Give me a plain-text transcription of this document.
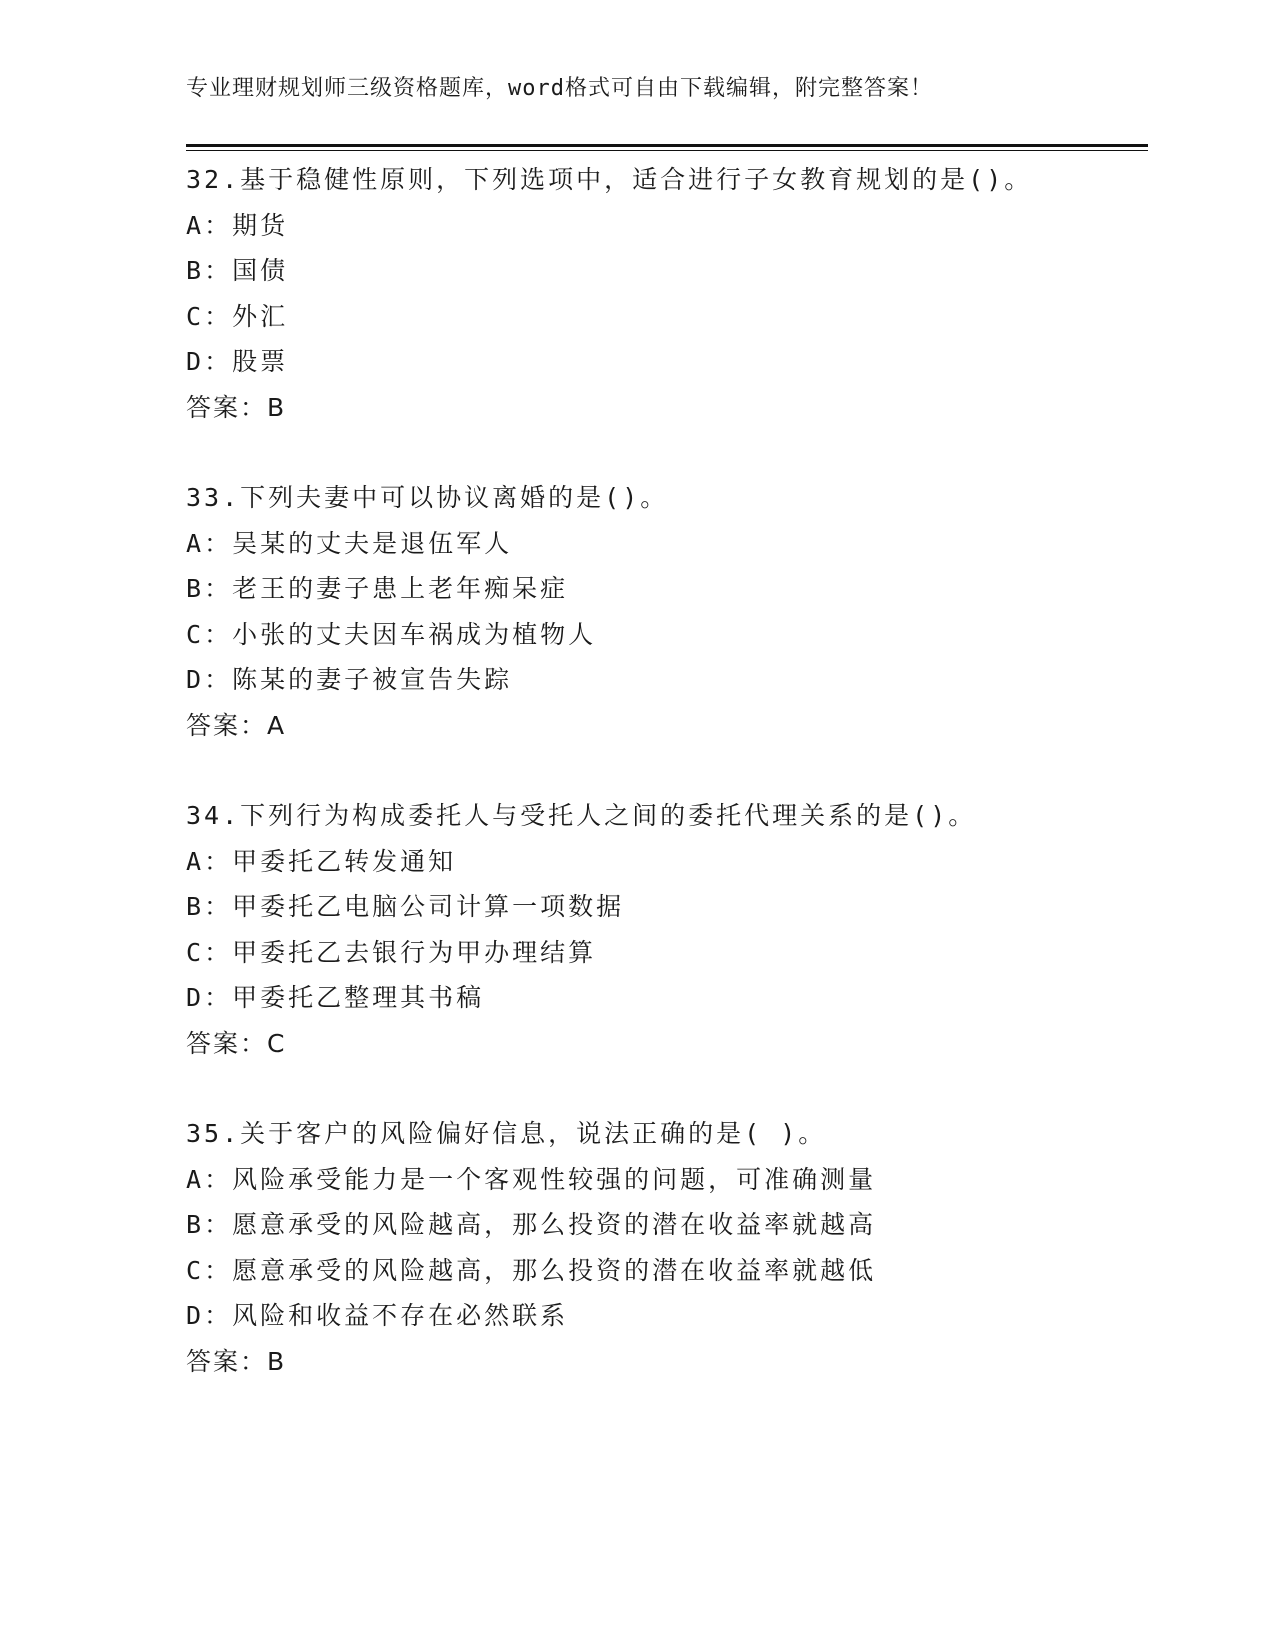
专业理财规划师三级资格题库，word格式可自由下载编辑，附完整答案！
32.基于稳健性原则，下列选项中，适合进行子女教育规划的是()。
A：期货
B：国债
C：外汇
D：股票
答案：B
33.下列夫妻中可以协议离婚的是()。
A：吴某的丈夫是退伍军人
B：老王的妻子患上老年痴呆症
C：小张的丈夫因车祸成为植物人
D：陈某的妻子被宣告失踪
答案：A
34.下列行为构成委托人与受托人之间的委托代理关系的是()。
A：甲委托乙转发通知
B：甲委托乙电脑公司计算一项数据
C：甲委托乙去银行为甲办理结算
D：甲委托乙整理其书稿
答案：C
35.关于客户的风险偏好信息，说法正确的是( )。
A：风险承受能力是一个客观性较强的问题，可准确测量
B：愿意承受的风险越高，那么投资的潜在收益率就越高
C：愿意承受的风险越高，那么投资的潜在收益率就越低
D：风险和收益不存在必然联系
答案：B
